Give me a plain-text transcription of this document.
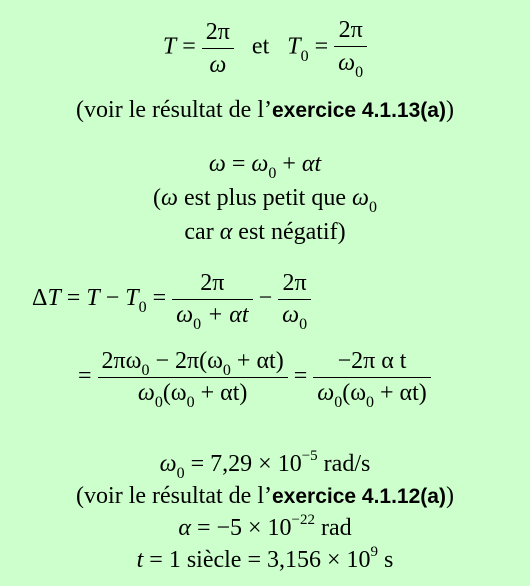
$T = \frac{2\pi}{\omega}$ et $T_0 = \frac{2\pi}{\omega_0}$
(voir le résultat de l’exercice 4.1.13(a))
$\omega = \omega_0 + \alpha t$
(ω est plus petit que $\omega_0$
car α est négatif)
$\Delta T = T - T_0 = \frac{2\pi}{\omega_0 + \alpha t} - \frac{2\pi}{\omega_0}$
= $\frac{2\pi\omega_0 - 2\pi(\omega_0 + \alpha t)}{\omega_0(\omega_0 + \alpha t)} = \frac{\text{−2π α t}}{\omega_0(\omega_0 + \alpha t)}$
$\omega_0 = 7,29 \times 10^{-5}$ rad/s
(voir le résultat de l’exercice 4.1.12(a))
$\alpha = -5 \times 10^{-22}$ rad
t = 1 siècle = $3,156 \times 10^9$ s
